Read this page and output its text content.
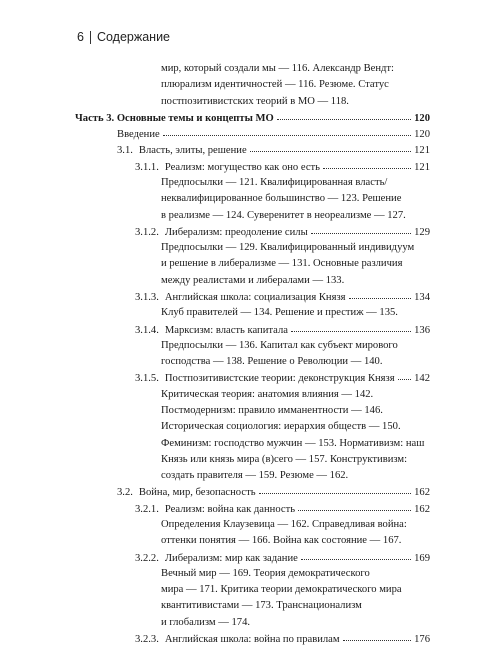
6 Содержание
мир, который создали мы — 116. Александр Вендт:
плюрализм идентичностей — 116. Резюме. Статус
постпозитивистских теорий в МО — 118.
Часть 3. Основные темы и концепты МО	120
Введение	120
3.1. Власть, элиты, решение	121
3.1.1. Реализм: могущество как оно есть	121
Предпосылки — 121. Квалифицированная власть/
неквалифицированное большинство — 123. Решение
в реализме — 124. Суверенитет в неореализме — 127.
3.1.2. Либерализм: преодоление силы	129
Предпосылки — 129. Квалифицированный индивидуум
и решение в либерализме — 131. Основные различия
между реалистами и либералами — 133.
3.1.3. Английская школа: социализация Князя	134
Клуб правителей — 134. Решение и престиж — 135.
3.1.4. Марксизм: власть капитала	136
Предпосылки — 136. Капитал как субъект мирового
господства — 138. Решение о Революции — 140.
3.1.5. Постпозитивистские теории: деконструкция Князя 142
Критическая теория: анатомия влияния — 142.
Постмодернизм: правило имманентности — 146.
Историческая социология: иерархия обществ — 150.
Феминизм: господство мужчин — 153. Нормативизм: наш
Князь или князь мира (в)сего — 157. Конструктивизм:
создать правителя — 159. Резюме — 162.
3.2. Война, мир, безопасность	162
3.2.1. Реализм: война как данность	162
Определения Клаузевица — 162. Справедливая война:
оттенки понятия — 166. Война как состояние — 167.
3.2.2. Либерализм: мир как задание	169
Вечный мир — 169. Теория демократического
мира — 171. Критика теории демократического мира
квантитивистами — 173. Транснационализм
и глобализм — 174.
3.2.3. Английская школа: война по правилам	176
